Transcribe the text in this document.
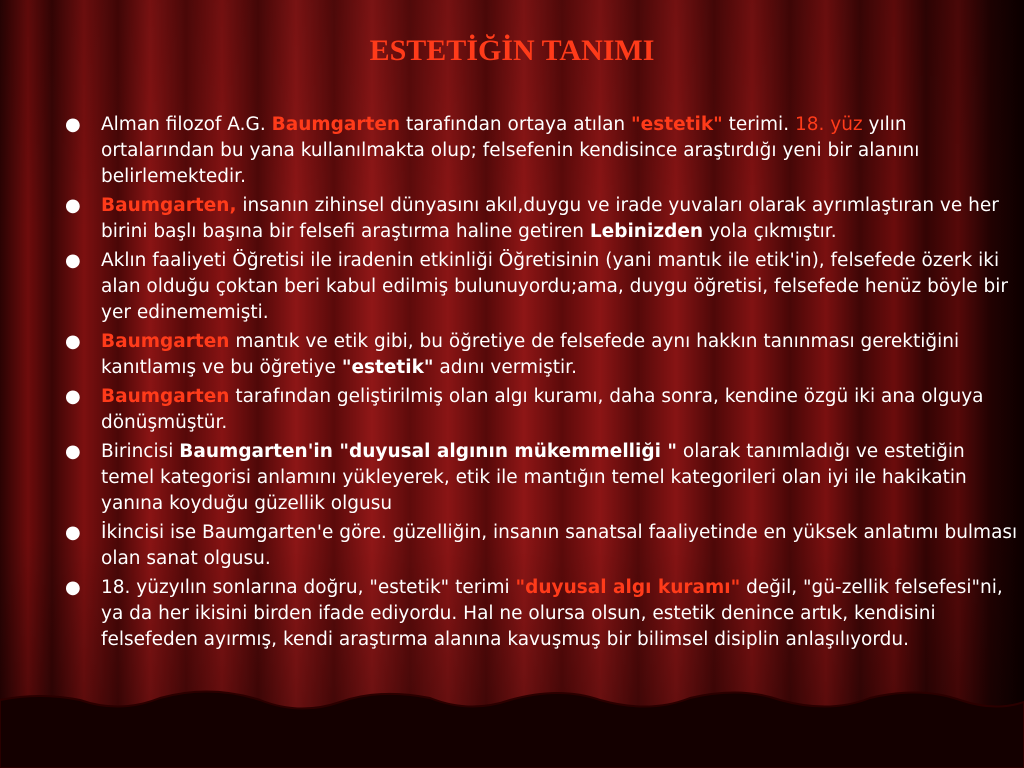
ESTETİĞİN TANIMI
● Alman filozof A.G. Baumgarten tarafından ortaya atılan "estetik" terimi. 18. yüz yılın ortalarından bu yana kullanılmakta olup; felsefenin kendisince araştırdığı yeni bir alanını belirlemektedir.
● Baumgarten, insanın zihinsel dünyasını akıl,duygu ve irade yuvaları olarak ayrımlaştıran ve her birini başlı başına bir felsefi araştırma haline getiren Lebinizden yola çıkmıştır.
● Aklın faaliyeti Öğretisi ile iradenin etkinliği Öğretisinin (yani mantık ile etik'in), felsefede özerk iki alan olduğu çoktan beri kabul edilmiş bulunuyordu;ama, duygu öğretisi, felsefede henüz böyle bir yer edinememişti.
● Baumgarten mantık ve etik gibi, bu öğretiye de felsefede aynı hakkın tanınması gerektiğini kanıtlamış ve bu öğretiye "estetik" adını vermiştir.
● Baumgarten tarafından geliştirilmiş olan algı kuramı, daha sonra, kendine özgü iki ana olguya dönüşmüştür.
● Birincisi Baumgarten'in "duyusal algının mükemmelliği " olarak tanımladığı ve estetiğin temel kategorisi anlamını yükleyerek, etik ile mantığın temel kategorileri olan iyi ile hakikatin yanına koyduğu güzellik olgusu
● İkincisi ise Baumgarten'e göre. güzelliğin, insanın sanatsal faaliyetinde en yüksek anlatımı bulması olan sanat olgusu.
● 18. yüzyılın sonlarına doğru, "estetik" terimi "duyusal algı kuramı" değil, "gü-zellik felsefesi"ni, ya da her ikisini birden ifade ediyordu. Hal ne olursa olsun, estetik denince artık, kendisini felsefeden ayırmış, kendi araştırma alanına kavuşmuş bir bilimsel disiplin anlaşılıyordu.
